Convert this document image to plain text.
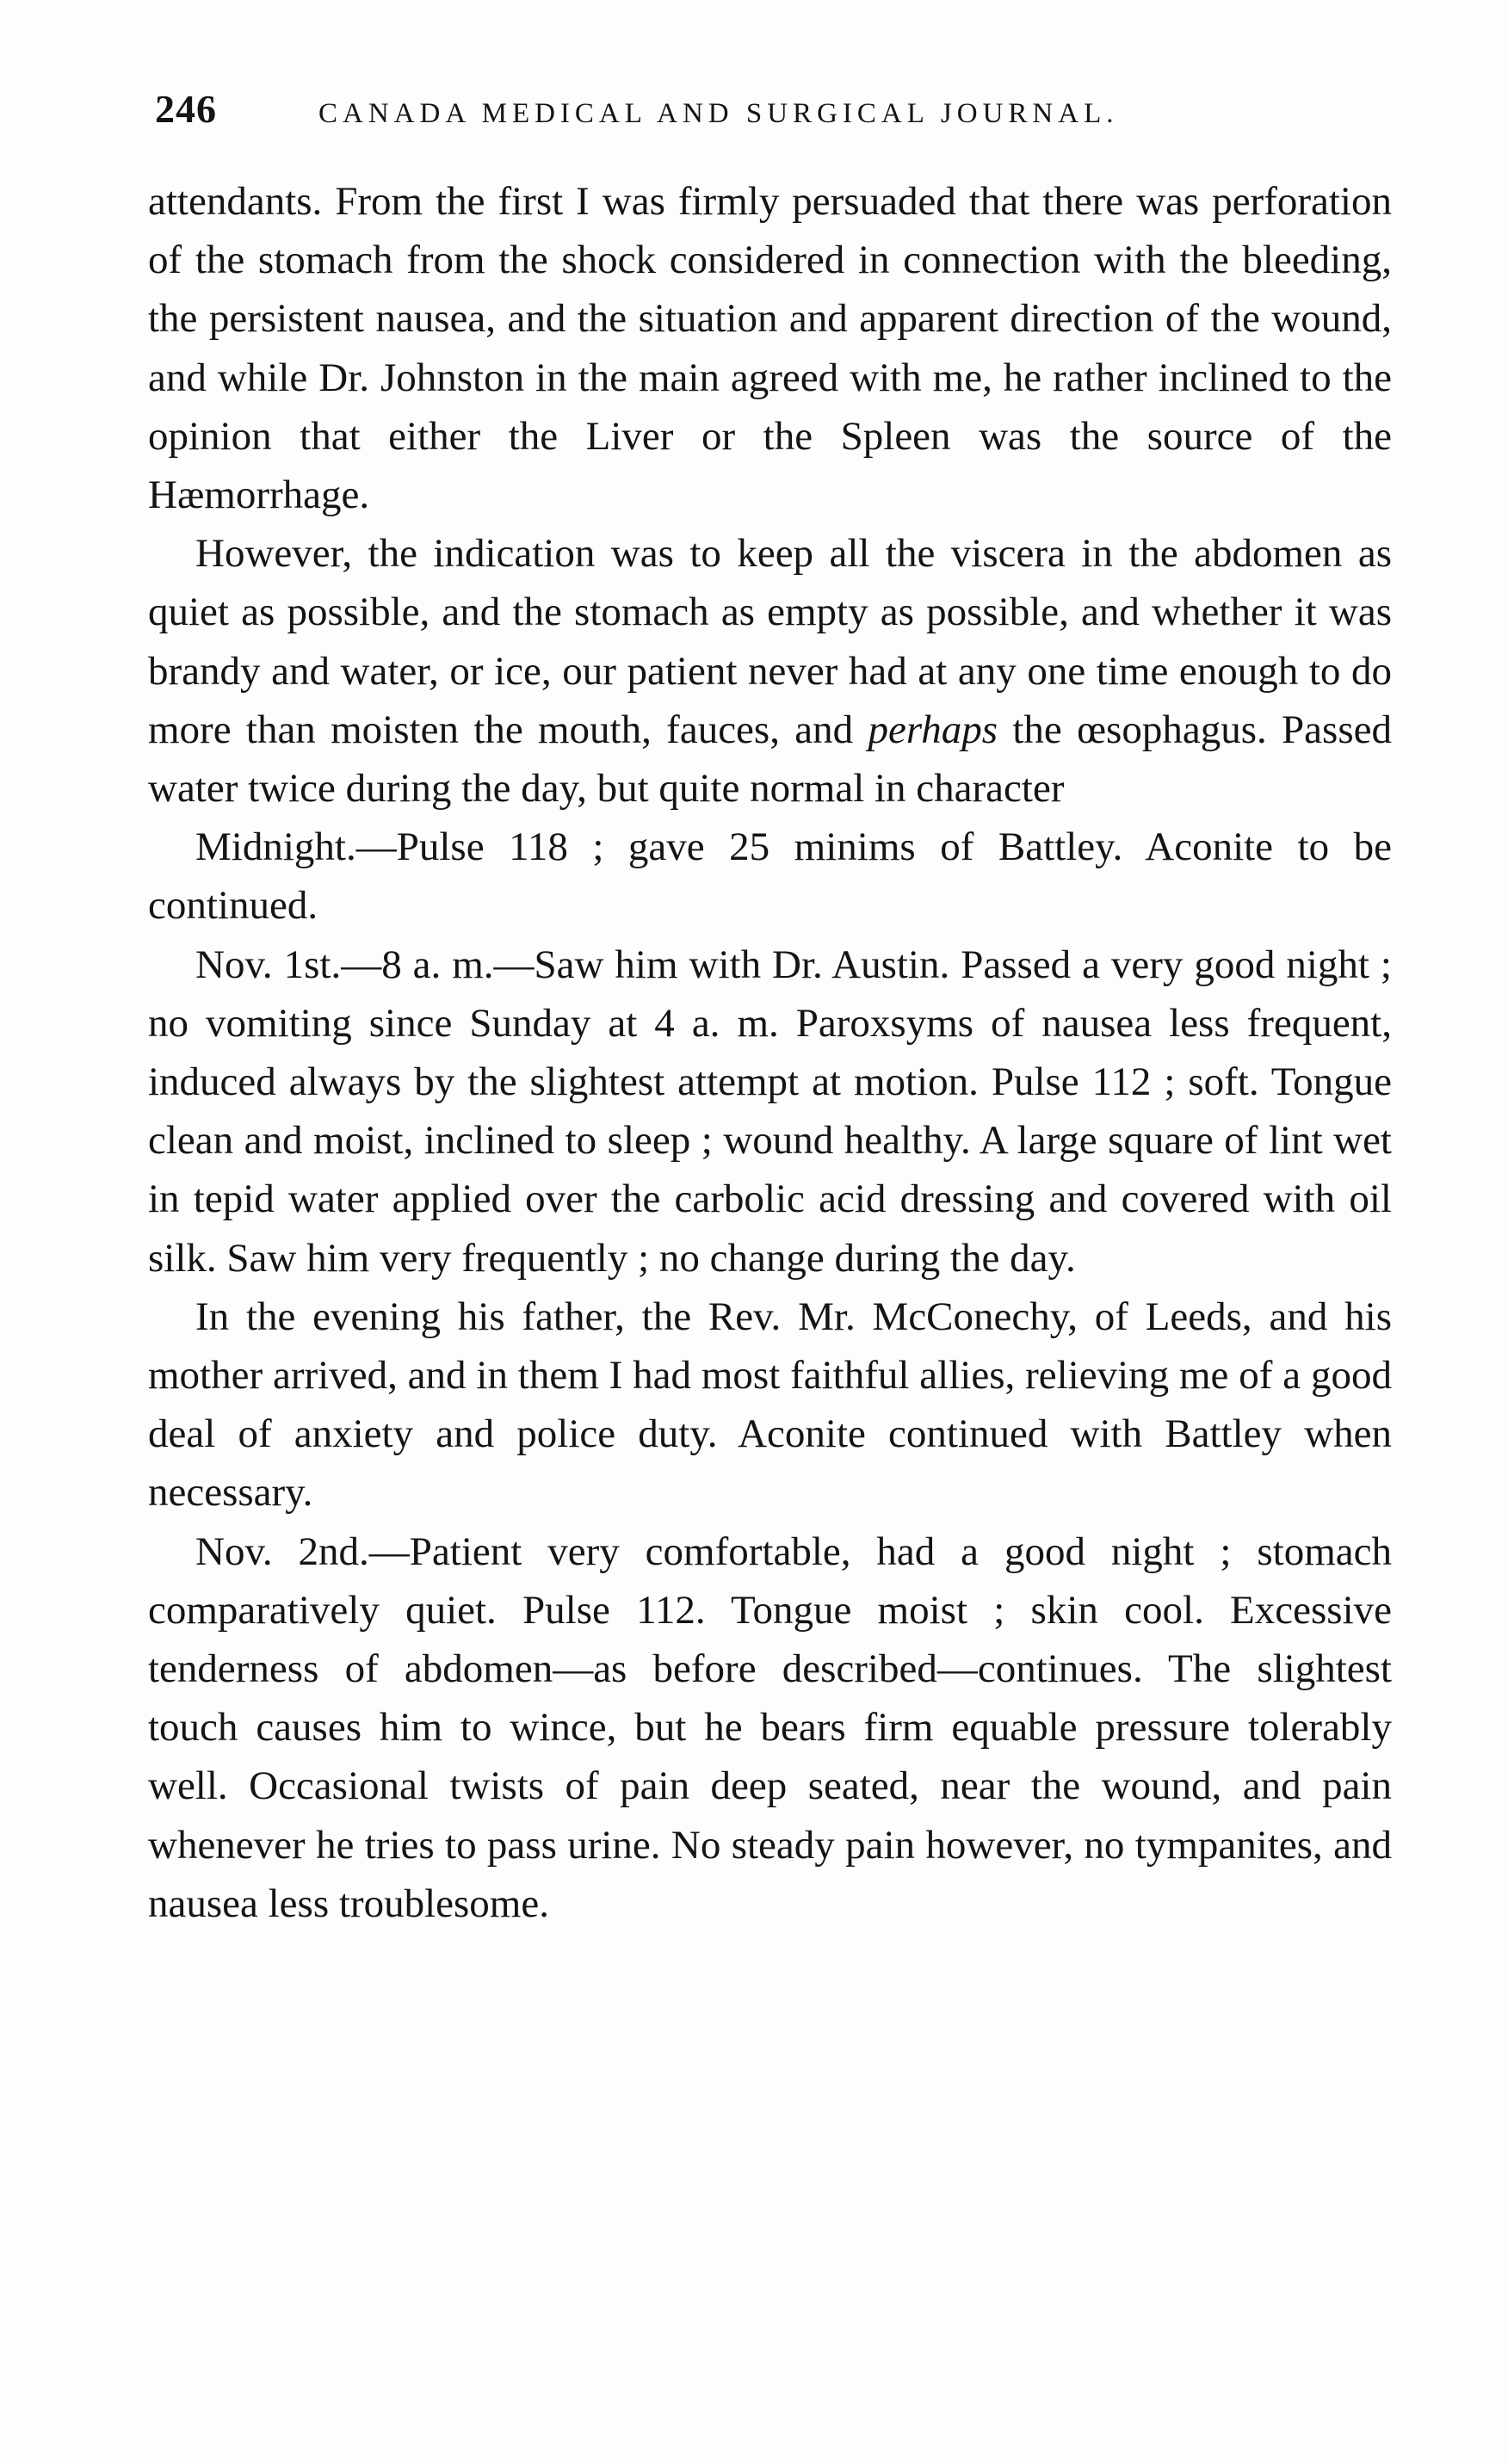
246	CANADA MEDICAL AND SURGICAL JOURNAL.

attendants. From the first I was firmly persuaded that there was perforation of the stomach from the shock considered in connection with the bleeding, the persistent nausea, and the situation and apparent direction of the wound, and while Dr. Johnston in the main agreed with me, he rather inclined to the opinion that either the Liver or the Spleen was the source of the Hæmorrhage.

However, the indication was to keep all the viscera in the abdomen as quiet as possible, and the stomach as empty as possible, and whether it was brandy and water, or ice, our patient never had at any one time enough to do more than moisten the mouth, fauces, and perhaps the œsophagus. Passed water twice during the day, but quite normal in character

Midnight.—Pulse 118 ; gave 25 minims of Battley. Aconite to be continued.

Nov. 1st.—8 a. m.—Saw him with Dr. Austin. Passed a very good night ; no vomiting since Sunday at 4 a. m. Paroxsyms of nausea less frequent, induced always by the slightest attempt at motion. Pulse 112 ; soft. Tongue clean and moist, inclined to sleep ; wound healthy. A large square of lint wet in tepid water applied over the carbolic acid dressing and covered with oil silk. Saw him very frequently ; no change during the day.

In the evening his father, the Rev. Mr. McConechy, of Leeds, and his mother arrived, and in them I had most faithful allies, relieving me of a good deal of anxiety and police duty. Aconite continued with Battley when necessary.

Nov. 2nd.—Patient very comfortable, had a good night ; stomach comparatively quiet. Pulse 112. Tongue moist ; skin cool. Excessive tenderness of abdomen—as before described—continues. The slightest touch causes him to wince, but he bears firm equable pressure tolerably well. Occasional twists of pain deep seated, near the wound, and pain whenever he tries to pass urine. No steady pain however, no tympanites, and nausea less troublesome.
